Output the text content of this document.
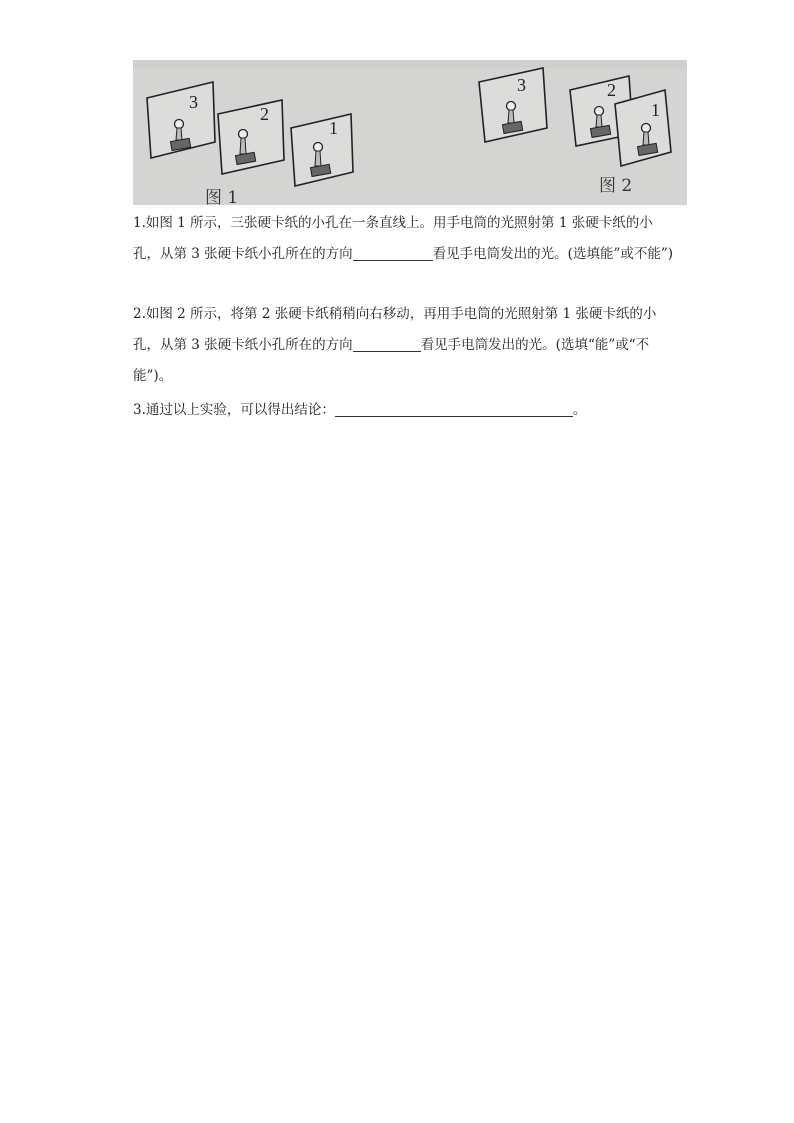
3
2
1
图 1
3	2
1
图 2
1.如图 1 所示，三张硬卡纸的小孔在一条直线上。用手电筒的光照射第 1 张硬卡纸的小孔，从第 3 张硬卡纸小孔所在的方向	看见手电筒发出的光。(选填能”或不能”)
2.如图 2 所示，将第 2 张硬卡纸稍稍向右移动，再用手电筒的光照射第 1 张硬卡纸的小孔，从第 3 张硬卡纸小孔所在的方向	看见手电筒发出的光。(选填“能”或“不能”)。
3.通过以上实验，可以得出结论：	。
